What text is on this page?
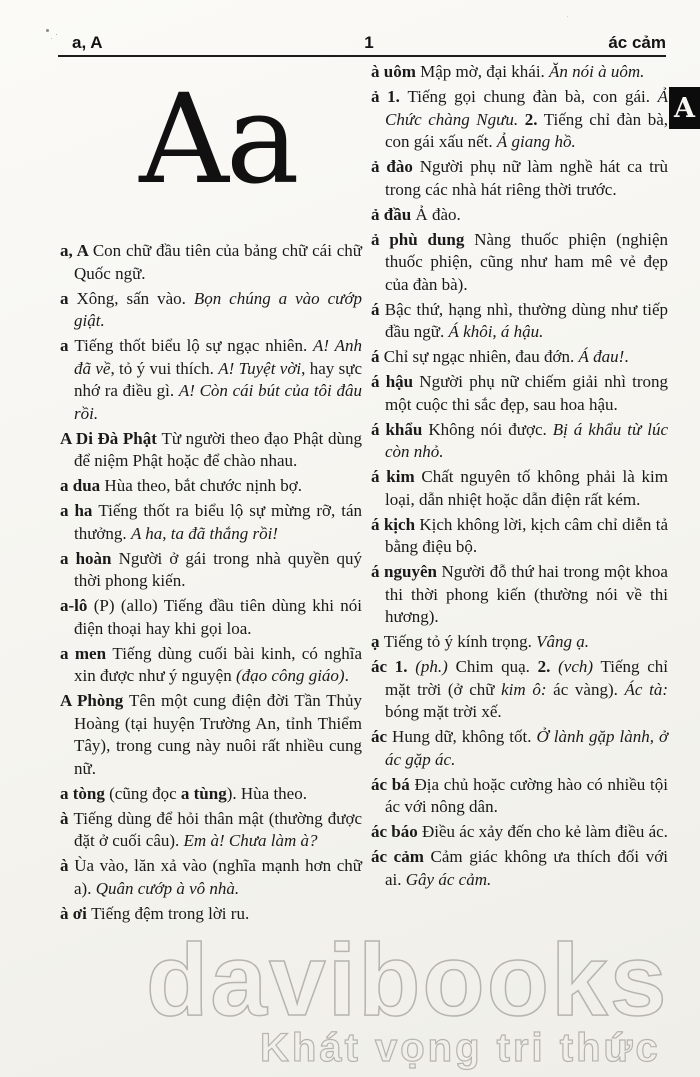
a, A	1	ác cảm
A
Aa

a, A Con chữ đầu tiên của bảng chữ cái chữ Quốc ngữ.

a Xông, sấn vào. Bọn chúng a vào cướp giật.

a Tiếng thốt biểu lộ sự ngạc nhiên. A! Anh đã về, tỏ ý vui thích. A! Tuyệt vời, hay sực nhớ ra điều gì. A! Còn cái bút của tôi đâu rồi.

A Di Đà Phật Từ người theo đạo Phật dùng để niệm Phật hoặc để chào nhau.

a dua Hùa theo, bắt chước nịnh bợ.

a ha Tiếng thốt ra biểu lộ sự mừng rỡ, tán thưởng. A ha, ta đã thắng rồi!

a hoàn Người ở gái trong nhà quyền quý thời phong kiến.

a-lô (P) (allo) Tiếng đầu tiên dùng khi nói điện thoại hay khi gọi loa.

a men Tiếng dùng cuối bài kinh, có nghĩa xin được như ý nguyện (đạo công giáo).

A Phòng Tên một cung điện đời Tần Thủy Hoàng (tại huyện Trường An, tỉnh Thiểm Tây), trong cung này nuôi rất nhiều cung nữ.

a tòng (cũng đọc a tùng). Hùa theo.

à Tiếng dùng để hỏi thân mật (thường được đặt ở cuối câu). Em à! Chưa làm à?

à Ùa vào, lăn xả vào (nghĩa mạnh hơn chữ a). Quân cướp à vô nhà.

à ơi Tiếng đệm trong lời ru.

à uôm Mập mờ, đại khái. Ăn nói à uôm.

ả 1. Tiếng gọi chung đàn bà, con gái. Ả Chức chàng Ngưu. 2. Tiếng chỉ đàn bà, con gái xấu nết. Ả giang hồ.

ả đào Người phụ nữ làm nghề hát ca trù trong các nhà hát riêng thời trước.

ả đầu Ả đào.

ả phù dung Nàng thuốc phiện (nghiện thuốc phiện, cũng như ham mê vẻ đẹp của đàn bà).

á Bậc thứ, hạng nhì, thường dùng như tiếp đầu ngữ. Á khôi, á hậu.

á Chỉ sự ngạc nhiên, đau đớn. Á đau!.

á hậu Người phụ nữ chiếm giải nhì trong một cuộc thi sắc đẹp, sau hoa hậu.

á khẩu Không nói được. Bị á khẩu từ lúc còn nhỏ.

á kim Chất nguyên tố không phải là kim loại, dẫn nhiệt hoặc dẫn điện rất kém.

á kịch Kịch không lời, kịch câm chỉ diễn tả bằng điệu bộ.

á nguyên Người đỗ thứ hai trong một khoa thi thời phong kiến (thường nói về thi hương).

ạ Tiếng tỏ ý kính trọng. Vâng ạ.

ác 1. (ph.) Chim quạ. 2. (vch) Tiếng chỉ mặt trời (ở chữ kim ô: ác vàng). Ác tà: bóng mặt trời xế.

ác Hung dữ, không tốt. Ở lành gặp lành, ở ác gặp ác.

ác bá Địa chủ hoặc cường hào có nhiều tội ác với nông dân.

ác báo Điều ác xảy đến cho kẻ làm điều ác.

ác cảm Cảm giác không ưa thích đối với ai. Gây ác cảm.

davibooks
Khát vọng tri thức
